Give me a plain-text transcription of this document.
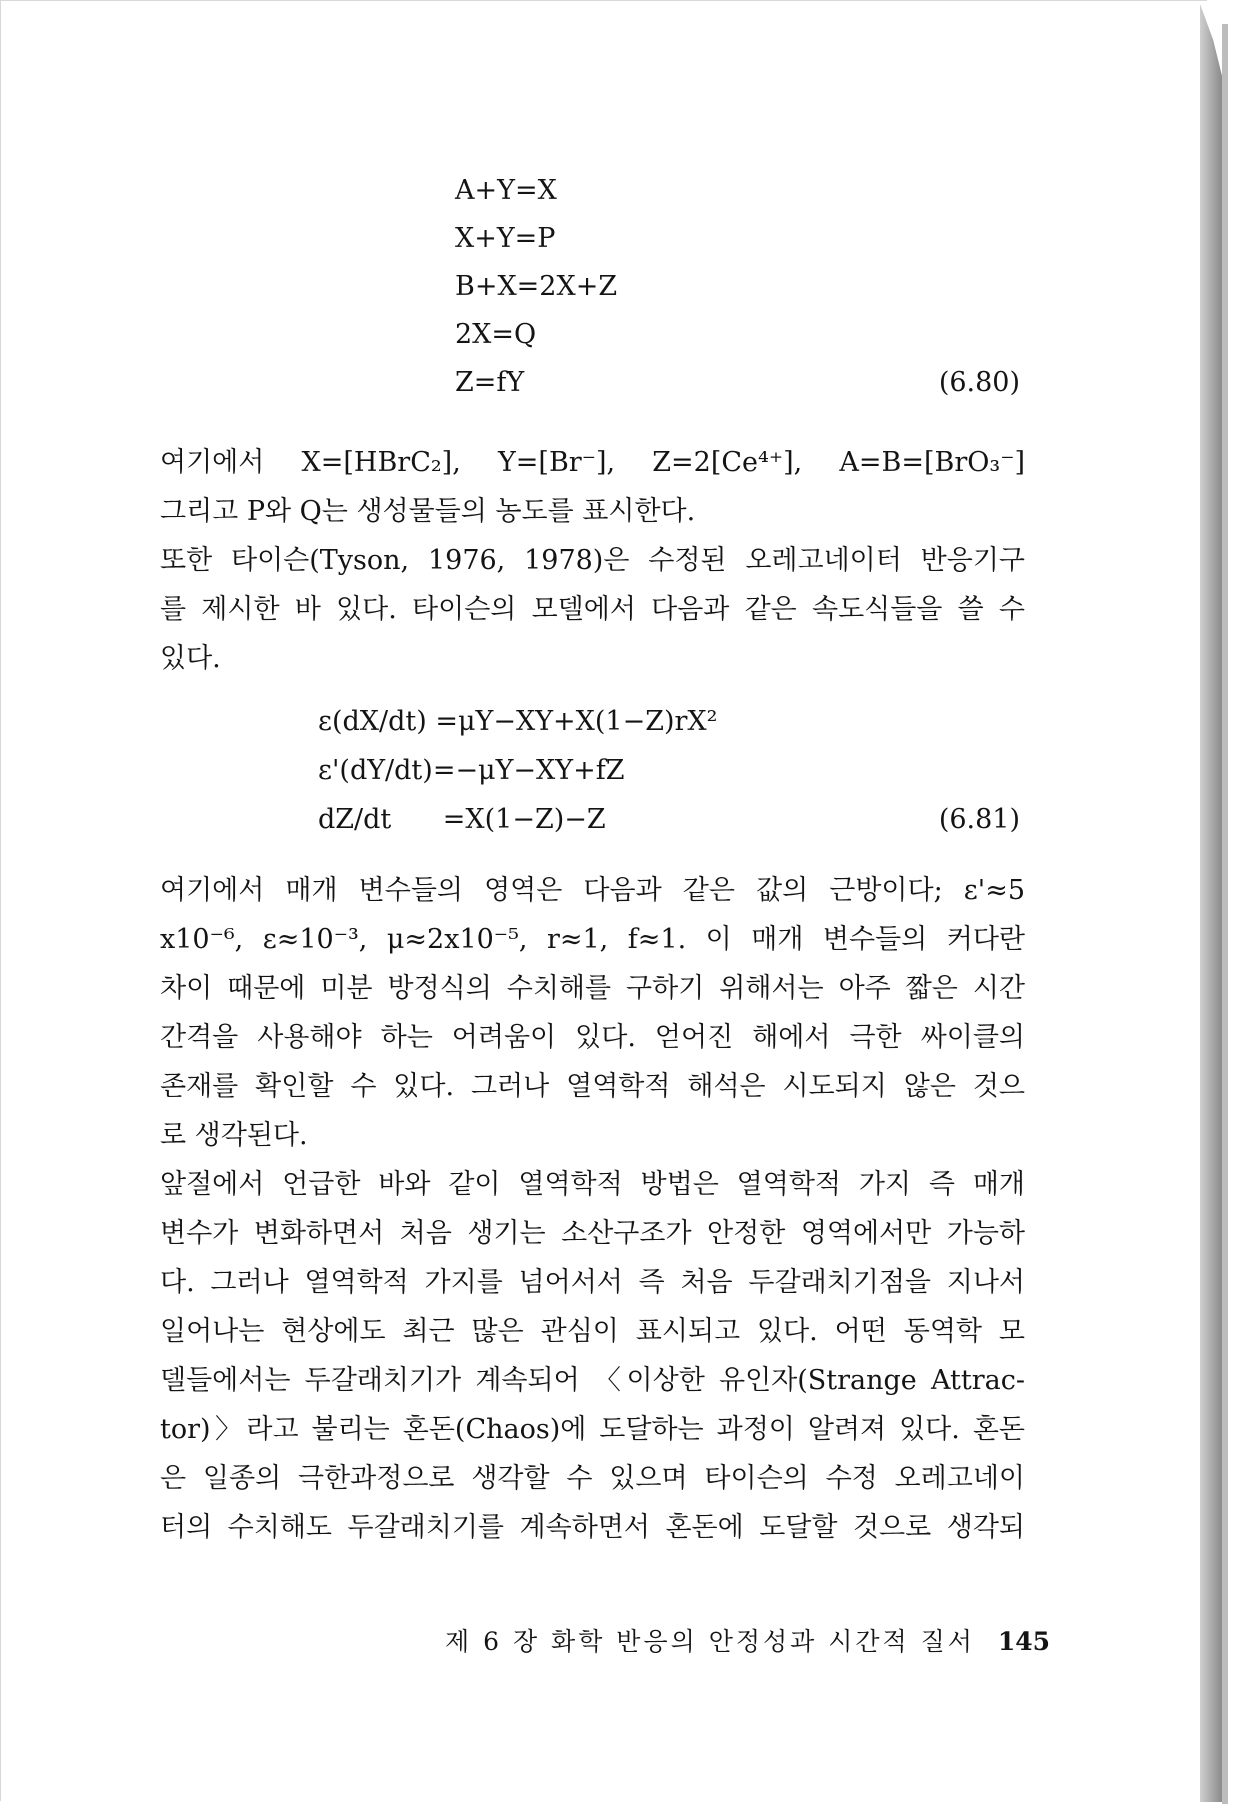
A+Y=X
X+Y=P
B+X=2X+Z
2X=Q
Z=fY	(6.80)
여기에서 X=[HBrC₂], Y=[Br⁻], Z=2[Ce⁴⁺], A=B=[BrO₃⁻]
그리고 P와 Q는 생성물들의 농도를 표시한다.
또한 타이슨(Tyson, 1976, 1978)은 수정된 오레고네이터 반응기구
를 제시한 바 있다. 타이슨의 모델에서 다음과 같은 속도식들을 쓸 수
있다.
ε(dX/dt) =μY−XY+X(1−Z)rX²
ε'(dY/dt)=−μY−XY+fZ
dZ/dt      =X(1−Z)−Z	(6.81)
여기에서 매개 변수들의 영역은 다음과 같은 값의 근방이다; ε'≈5
x10⁻⁶, ε≈10⁻³, μ≈2x10⁻⁵, r≈1, f≈1. 이 매개 변수들의 커다란
차이 때문에 미분 방정식의 수치해를 구하기 위해서는 아주 짧은 시간
간격을 사용해야 하는 어려움이 있다. 얻어진 해에서 극한 싸이클의
존재를 확인할 수 있다. 그러나 열역학적 해석은 시도되지 않은 것으
로 생각된다.
앞절에서 언급한 바와 같이 열역학적 방법은 열역학적 가지 즉 매개
변수가 변화하면서 처음 생기는 소산구조가 안정한 영역에서만 가능하
다. 그러나 열역학적 가지를 넘어서서 즉 처음 두갈래치기점을 지나서
일어나는 현상에도 최근 많은 관심이 표시되고 있다. 어떤 동역학 모
델들에서는 두갈래치기가 계속되어 〈이상한 유인자(Strange Attrac-
tor)〉라고 불리는 혼돈(Chaos)에 도달하는 과정이 알려져 있다. 혼돈
은 일종의 극한과정으로 생각할 수 있으며 타이슨의 수정 오레고네이
터의 수치해도 두갈래치기를 계속하면서 혼돈에 도달할 것으로 생각되
제 6 장 화학 반응의 안정성과 시간적 질서 145
